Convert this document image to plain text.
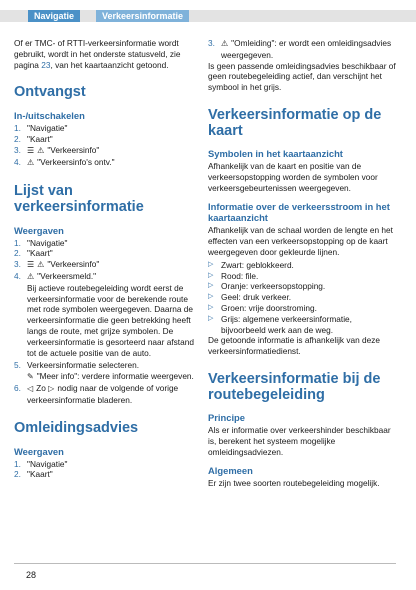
Navigatie	Verkeersinformatie

Of er TMC- of RTTI-verkeersinformatie wordt gebruikt, wordt in het onderste statusveld, zie pagina 23, van het kaartaanzicht getoond.

Ontvangst
In-/uitschakelen
1. "Navigatie"
2. "Kaart"
3. ☰ ⚠ "Verkeersinfo"
4. ⚠ "Verkeersinfo's ontv."
Lijst van verkeersinformatie
Weergaven
1. "Navigatie"
2. "Kaart"
3. ☰ ⚠ "Verkeersinfo"
4. ⚠ "Verkeersmeld."

Bij actieve routebegeleiding wordt eerst de verkeersinformatie voor de berekende route met rode symbolen weergegeven. Daarna de verkeersinformatie die geen betrekking heeft langs de route, met grijze symbolen. De verkeersinformatie is gesorteerd naar afstand tot de actuele positie van de auto.

5. Verkeersinformatie selecteren.

✎ "Meer info": verdere informatie weergeven.

6. ◁ Zo ▷ nodig naar de volgende of vorige verkeersinformatie bladeren.
Omleidingsadvies
Weergaven
1. "Navigatie"
2. "Kaart"
3. ⚠ "Omleiding": er wordt een omleidingsadvies weergegeven.

Is geen passende omleidingsadvies beschikbaar of geen routebegeleiding actief, dan verschijnt het symbool in het grijs.

Verkeersinformatie op de kaart
Symbolen in het kaartaanzicht

Afhankelijk van de kaart en positie van de verkeersopstopping worden de symbolen voor verkeersgebeurtenissen weergegeven.

Informatie over de verkeersstroom in het kaartaanzicht

Afhankelijk van de schaal worden de lengte en het effecten van een verkeersopstopping op de kaart weergegeven door gekleurde lijnen.

▷ Zwart: geblokkeerd.
▷ Rood: file.
▷ Oranje: verkeersopstopping.
▷ Geel: druk verkeer.
▷ Groen: vrije doorstroming.
▷ Grijs: algemene verkeersinformatie, bijvoorbeeld werk aan de weg.

De getoonde informatie is afhankelijk van deze verkeersinformatiedienst.

Verkeersinformatie bij de routebegeleiding
Principe

Als er informatie over verkeershinder beschikbaar is, berekent het systeem mogelijke omleidingsadviezen.

Algemeen

Er zijn twee soorten routebegeleiding mogelijk.

28
